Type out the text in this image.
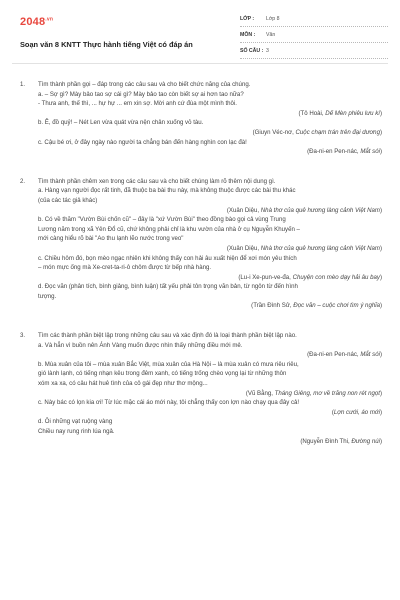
$2048^{.vn}$
Soạn văn 8 KNTT Thực hành tiếng Việt có đáp án
LỚP : Lớp 8
MÔN : Văn
SỐ CÂU : 3
1. Tìm thành phần gọi – đáp trong các câu sau và cho biết chức năng của chúng.
a. – Sợ gì? Mày bảo tao sợ cái gì? Mày bảo tao còn biết sợ ai hơn tao nữa?
- Thưa anh, thế thì, ... hự hự ... em xin sợ. Mời anh cứ đùa một mình thôi.
(Tô Hoài, Dế Mèn phiêu lưu kí)
b. Ê, đồ quỷ! – Nét Len vừa quát vừa nện chân xuống vỏ tàu.
(Giuyn Véc-nơ, Cuộc chạm trán trên đại dương)
c. Cậu bé ơi, ở đây ngày nào người ta chẳng bán đến hàng nghìn con lạc đà!
(Đa-ni-en Pen-nác, Mắt sói)
2. Tìm thành phần chêm xen trong các câu sau và cho biết chúng làm rõ thêm nội dung gì.
a. Hàng vạn người đọc rất tinh, đã thuộc ba bài thu này, mà không thuộc được các bài thu khác
(của các tác giả khác)
(Xuân Diệu, Nhà thơ của quê hương làng cảnh Việt Nam)
b. Có về thăm "Vườn Bùi chốn cũ" – đây là "xứ Vườn Bùi" theo đồng bào gọi cả vùng Trung
Lương năm trong xã Yên Đổ cũ, chứ không phải chỉ là khu vườn của nhà ở cụ Nguyễn Khuyến –
mới càng hiểu rõ bài "Ao thu lạnh lẽo nước trong veo"
(Xuân Diệu, Nhà thơ của quê hương làng cảnh Việt Nam)
c. Chiều hôm đó, bọn mèo ngạc nhiên khi không thấy con hải âu xuất hiện để xơi món yêu thích
– món mực ống mà Xe-cret-ta-ri-ô chôm được từ bếp nhà hàng.
(Lu-i Xe-pun-ve-đa, Chuyện con mèo dạy hải âu bay)
d. Đọc văn (phân tích, bình giảng, bình luận) tất yếu phải tôn trọng văn bản, từ ngôn từ đến hình
tượng.
(Trần Đình Sử, Đọc văn – cuộc chơi tìm ý nghĩa)
3. Tìm các thành phần biệt lập trong những câu sau và xác định đó là loại thành phần biệt lập nào.
a. Và hẳn vì buồn nên Ánh Vàng muốn được nhìn thấy những điều mới mẻ.
(Đa-ni-en Pen-nác, Mắt sói)
b. Mùa xuân của tôi – mùa xuân Bắc Việt, mùa xuân của Hà Nội – là mùa xuân có mưa riêu riêu,
gió lành lạnh, có tiếng nhạn kêu trong đêm xanh, có tiếng trống chèo vọng lại từ những thôn
xóm xa xa, có câu hát huê tình của cô gái đẹp như thơ mộng...
(Vũ Bằng, Tháng Giêng, mơ về trăng non rét ngọt)
c. Này bác có lọn kia ơi! Từ lúc mặc cái áo mới này, tôi chẳng thấy con lợn nào chạy qua đây cả!
(Lợn cưới, áo mới)
d. Ôi những vạt ruộng vàng
Chiều nay rung rinh lúa ngả.
(Nguyễn Đình Thi, Đường núi)
